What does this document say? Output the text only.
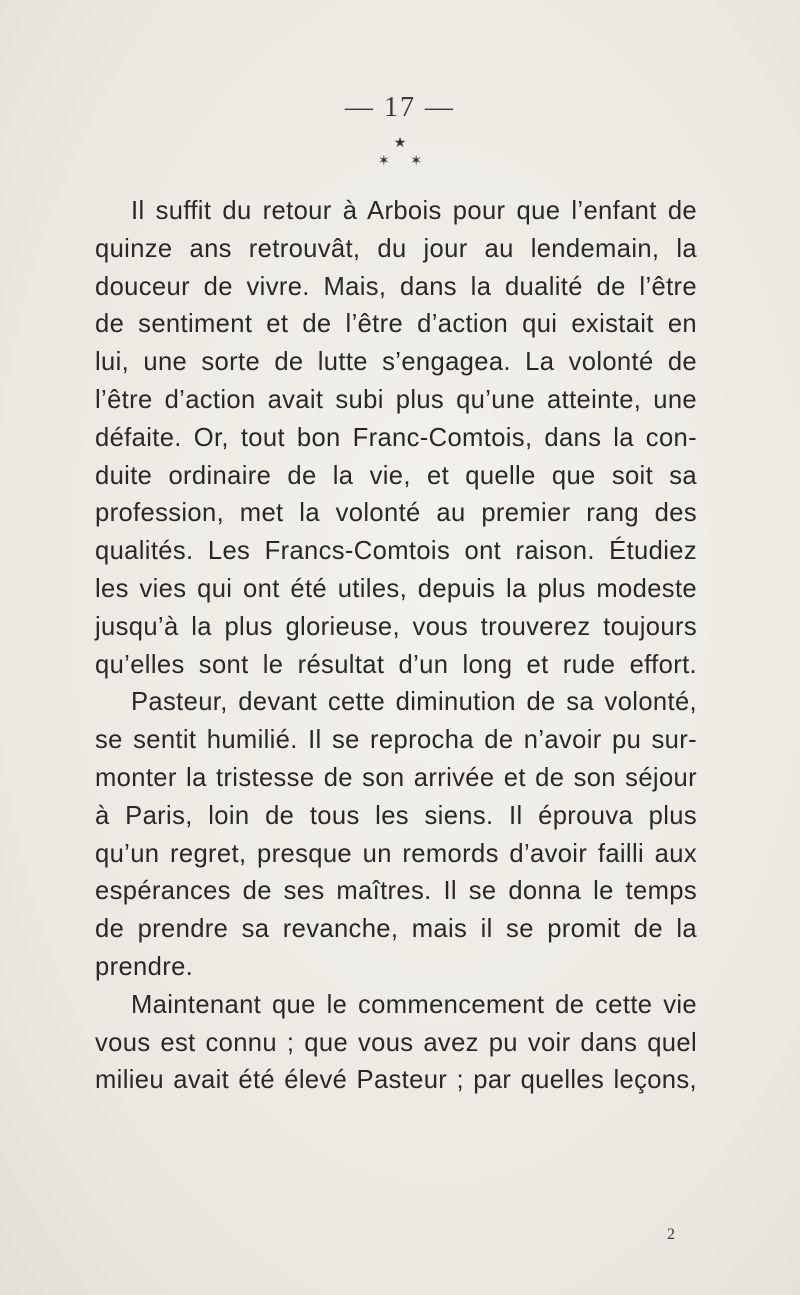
— 17 —
★
✶ ✶
Il suffit du retour à Arbois pour que l’enfant de
quinze ans retrouvât, du jour au lendemain, la
douceur de vivre. Mais, dans la dualité de l’être
de sentiment et de l’être d’action qui existait en
lui, une sorte de lutte s’engagea. La volonté de
l’être d’action avait subi plus qu’une atteinte, une
défaite. Or, tout bon Franc-Comtois, dans la con-
duite ordinaire de la vie, et quelle que soit sa
profession, met la volonté au premier rang des
qualités. Les Francs-Comtois ont raison. Étudiez
les vies qui ont été utiles, depuis la plus modeste
jusqu’à la plus glorieuse, vous trouverez toujours
qu’elles sont le résultat d’un long et rude effort.
Pasteur, devant cette diminution de sa volonté,
se sentit humilié. Il se reprocha de n’avoir pu sur-
monter la tristesse de son arrivée et de son séjour
à Paris, loin de tous les siens. Il éprouva plus
qu’un regret, presque un remords d’avoir failli aux
espérances de ses maîtres. Il se donna le temps
de prendre sa revanche, mais il se promit de la
prendre.
Maintenant que le commencement de cette vie
vous est connu ; que vous avez pu voir dans quel
milieu avait été élevé Pasteur ; par quelles leçons,
2
